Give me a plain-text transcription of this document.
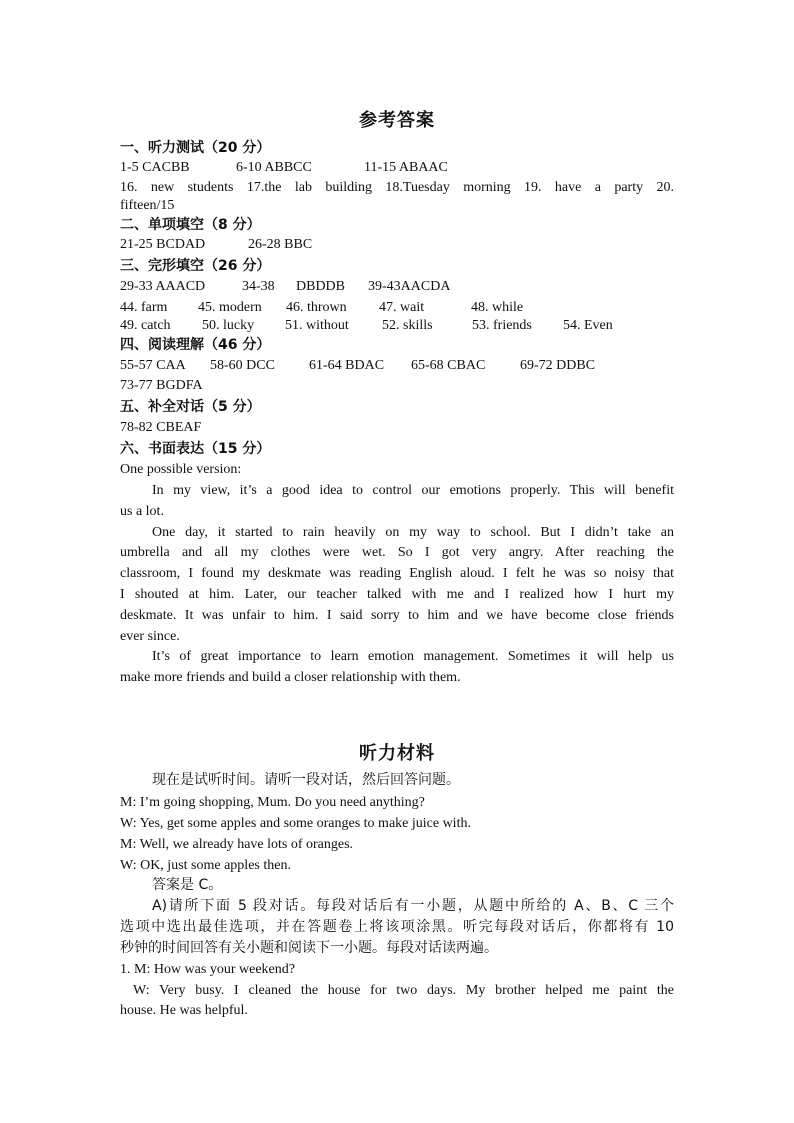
参考答案
一、听力测试（20 分）
1-5 CACBB	6-10 ABBCC	11-15 ABAAC
16. new students 17.the lab building 18.Tuesday morning 19. have a party 20.
fifteen/15
二、单项填空（8 分）
21-25 BCDAD	26-28 BBC
三、完形填空（26 分）
29-33 AAACD	34-38 DBDDB 39-43AACDA
44. farm 45. modern 46. thrown 47. wait	48. while
49. catch 50. lucky 51. without 52. skills	53. friends 54. Even
四、阅读理解（46 分）
55-57 CAA 58-60 DCC 61-64 BDAC 65-68 CBAC 69-72 DDBC
73-77 BGDFA
五、补全对话（5 分）
78-82 CBEAF
六、书面表达（15 分）
One possible version:
In my view, it’s a good idea to control our emotions properly. This will benefit
us a lot.
One day, it started to rain heavily on my way to school. But I didn’t take an
umbrella and all my clothes were wet. So I got very angry. After reaching the
classroom, I found my deskmate was reading English aloud. I felt he was so noisy that
I shouted at him. Later, our teacher talked with me and I realized how I hurt my
deskmate. It was unfair to him. I said sorry to him and we have become close friends
ever since.
It’s of great importance to learn emotion management. Sometimes it will help us
make more friends and build a closer relationship with them.
听力材料
现在是试听时间。请听一段对话，然后回答问题。
M: I’m going shopping, Mum. Do you need anything?
W: Yes, get some apples and some oranges to make juice with.
M: Well, we already have lots of oranges.
W: OK, just some apples then.
答案是 C。
A)请所下面 5 段对话。每段对话后有一小题，从题中所给的 A、B、C 三个
选项中选出最佳选项，并在答题卷上将该项涂黑。听完每段对话后，你都将有 10
秒钟的时间回答有关小题和阅读下一小题。每段对话读两遍。
1. M: How was your weekend?
W: Very busy. I cleaned the house for two days. My brother helped me paint the
house. He was helpful.
